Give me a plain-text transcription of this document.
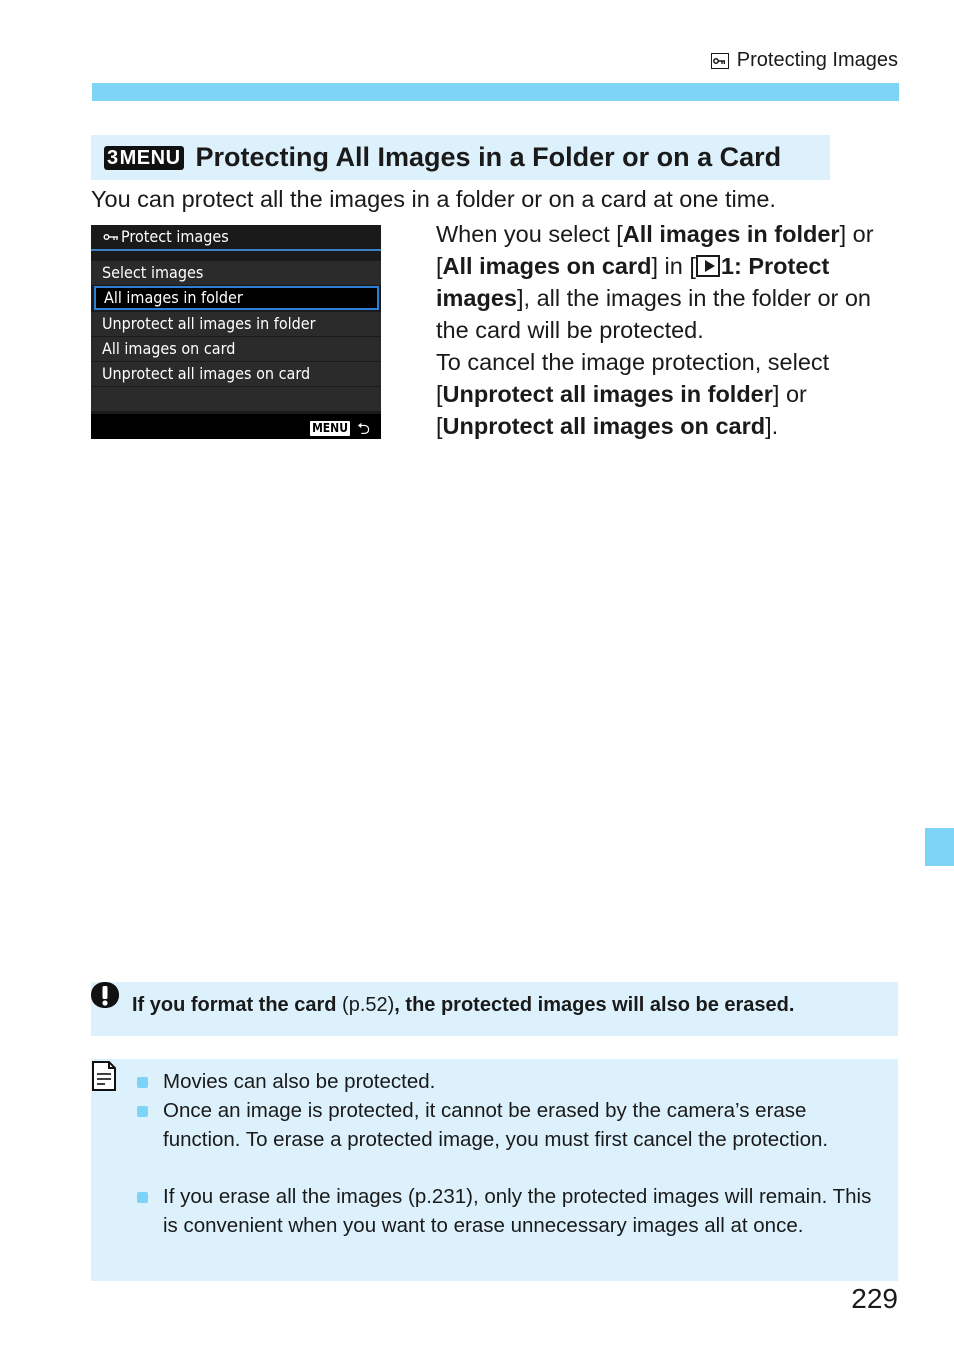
Protecting Images
3MENU Protecting All Images in a Folder or on a Card
You can protect all the images in a folder or on a card at one time.
Protect images
Select images
All images in folder
Unprotect all images in folder
All images on card
Unprotect all images on card
MENU ⮌

When you select [All images in folder] or [All images on card] in [ 1: Protect images], all the images in the folder or on the card will be protected.

To cancel the image protection, select [Unprotect all images in folder] or [Unprotect all images on card].

If you format the card (p.52), the protected images will also be erased.
Movies can also be protected.
Once an image is protected, it cannot be erased by the camera’s erase function. To erase a protected image, you must first cancel the protection.
If you erase all the images (p.231), only the protected images will remain. This is convenient when you want to erase unnecessary images all at once.
229
